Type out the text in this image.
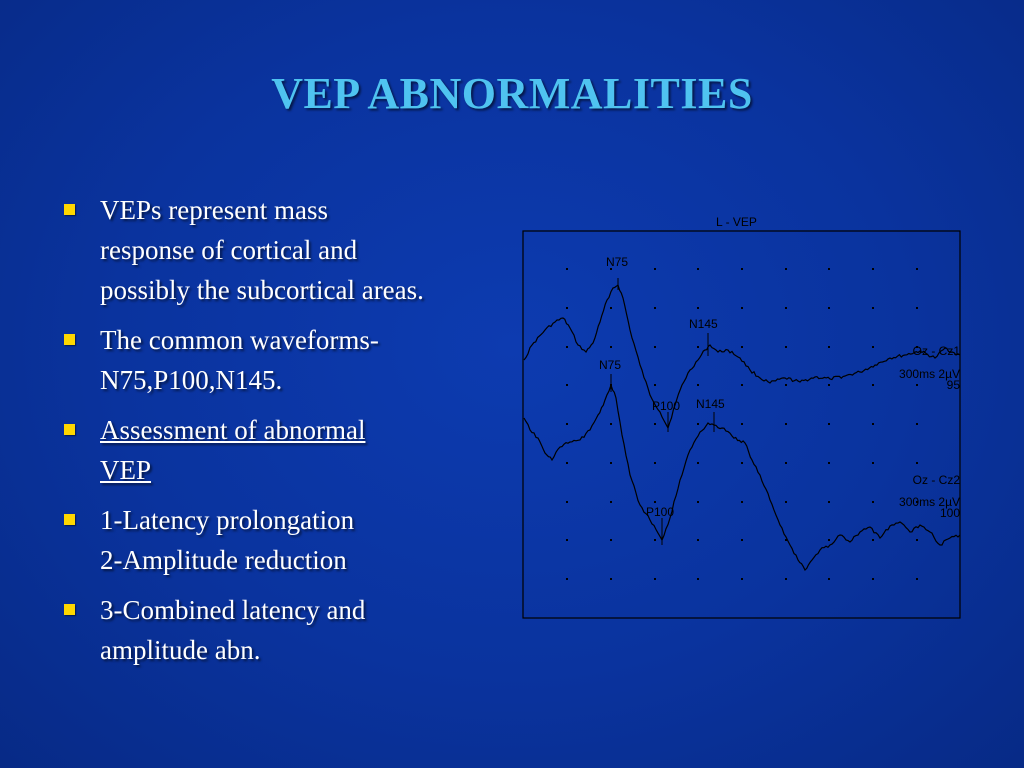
VEP ABNORMALITIES
VEPs represent mass
response of cortical and
possibly the subcortical areas.
The common waveforms-
N75,P100,N145.
Assessment of abnormal
VEP
1-Latency prolongation
2-Amplitude reduction
3-Combined latency and
amplitude abn.
L - VEP
N75
N145
P100
N75
N145
P100
Oz - Cz1
300ms 2µV
95
Oz - Cz2
300ms 2µV
100
